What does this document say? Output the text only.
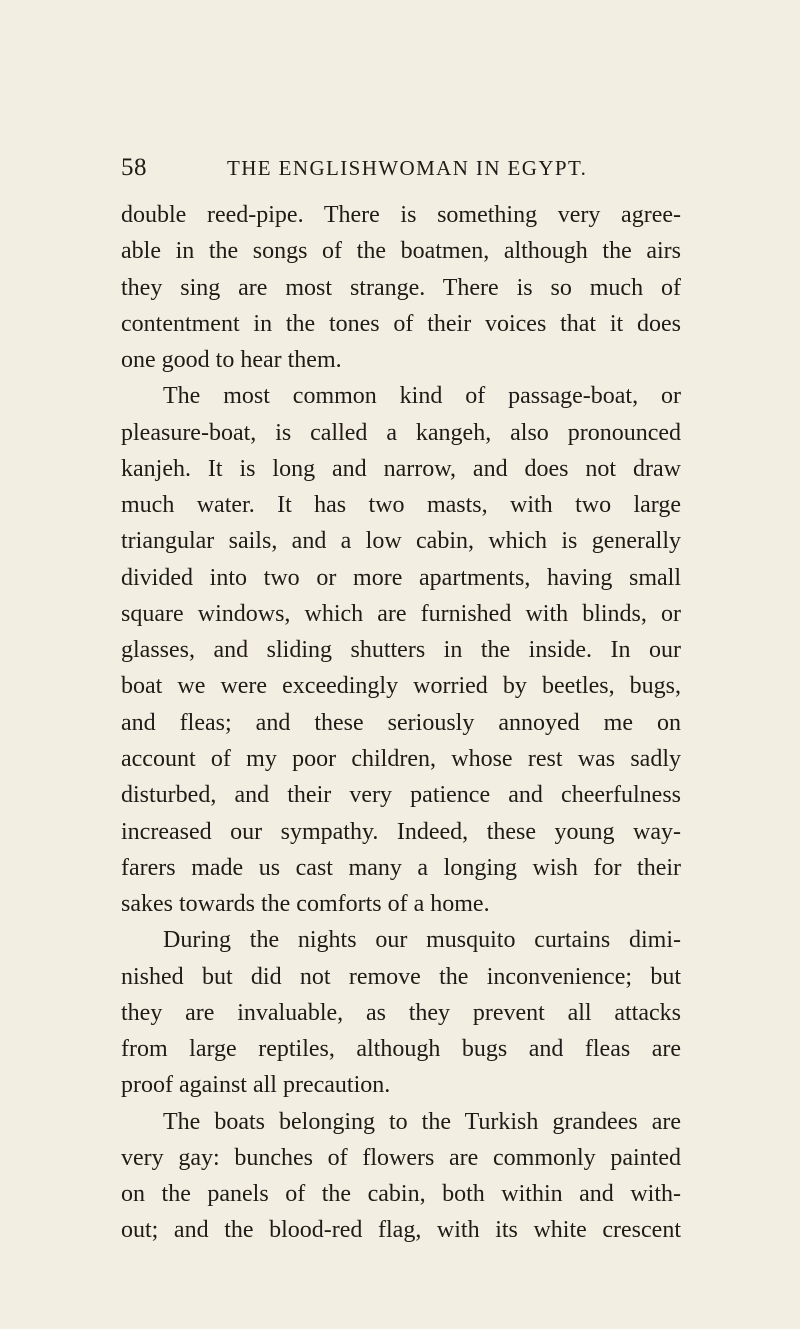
58	THE ENGLISHWOMAN IN EGYPT.
double reed-pipe. There is something very agree-
able in the songs of the boatmen, although the airs
they sing are most strange. There is so much of
contentment in the tones of their voices that it does
one good to hear them.
The most common kind of passage-boat, or
pleasure-boat, is called a kangeh, also pronounced
kanjeh. It is long and narrow, and does not draw
much water. It has two masts, with two large
triangular sails, and a low cabin, which is generally
divided into two or more apartments, having small
square windows, which are furnished with blinds, or
glasses, and sliding shutters in the inside. In our
boat we were exceedingly worried by beetles, bugs,
and fleas; and these seriously annoyed me on
account of my poor children, whose rest was sadly
disturbed, and their very patience and cheerfulness
increased our sympathy. Indeed, these young way-
farers made us cast many a longing wish for their
sakes towards the comforts of a home.
During the nights our musquito curtains dimi-
nished but did not remove the inconvenience; but
they are invaluable, as they prevent all attacks
from large reptiles, although bugs and fleas are
proof against all precaution.
The boats belonging to the Turkish grandees are
very gay: bunches of flowers are commonly painted
on the panels of the cabin, both within and with-
out; and the blood-red flag, with its white crescent
